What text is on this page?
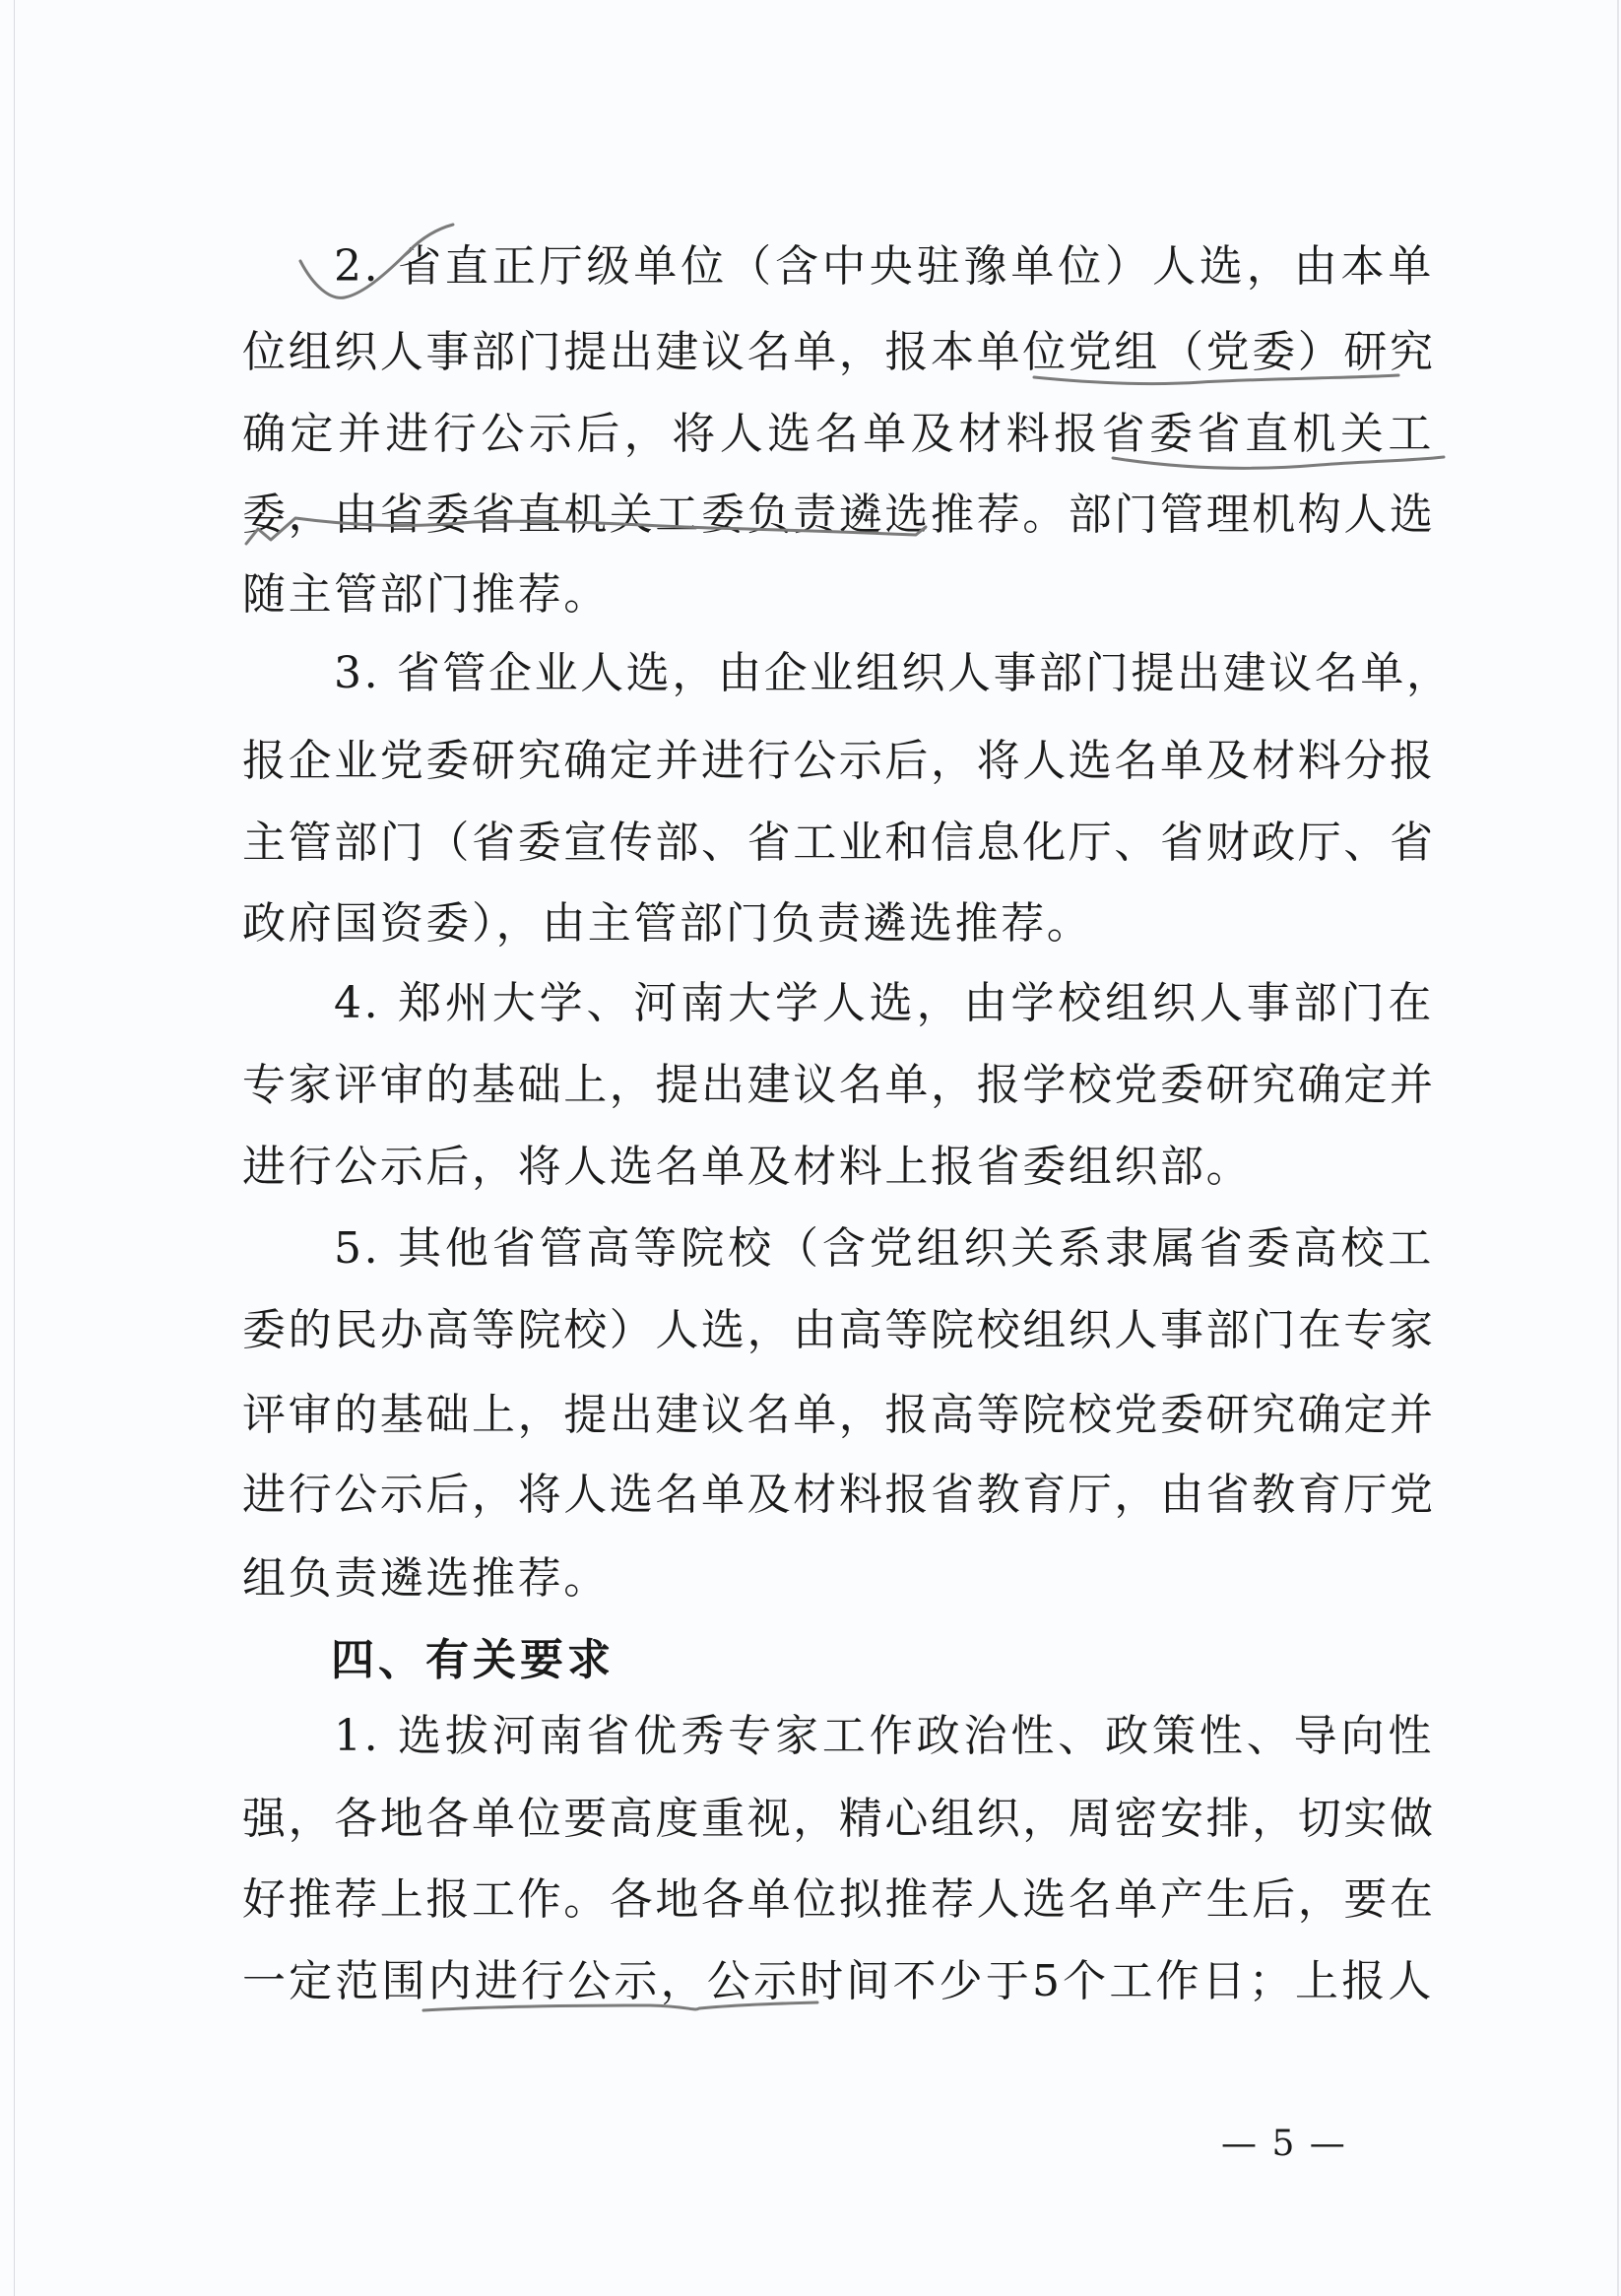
2. 省直正厅级单位（含中央驻豫单位）人选，由本单
位组织人事部门提出建议名单，报本单位党组（党委）研究
确定并进行公示后，将人选名单及材料报省委省直机关工
委，由省委省直机关工委负责遴选推荐。部门管理机构人选
随主管部门推荐。
3. 省管企业人选，由企业组织人事部门提出建议名单，
报企业党委研究确定并进行公示后，将人选名单及材料分报
主管部门（省委宣传部、省工业和信息化厅、省财政厅、省
政府国资委），由主管部门负责遴选推荐。
4. 郑州大学、河南大学人选，由学校组织人事部门在
专家评审的基础上，提出建议名单，报学校党委研究确定并
进行公示后，将人选名单及材料上报省委组织部。
5. 其他省管高等院校（含党组织关系隶属省委高校工
委的民办高等院校）人选，由高等院校组织人事部门在专家
评审的基础上，提出建议名单，报高等院校党委研究确定并
进行公示后，将人选名单及材料报省教育厅，由省教育厅党
组负责遴选推荐。
四、有关要求
1. 选拔河南省优秀专家工作政治性、政策性、导向性
强，各地各单位要高度重视，精心组织，周密安排，切实做
好推荐上报工作。各地各单位拟推荐人选名单产生后，要在
一定范围内进行公示，公示时间不少于5个工作日；上报人
— 5 —
